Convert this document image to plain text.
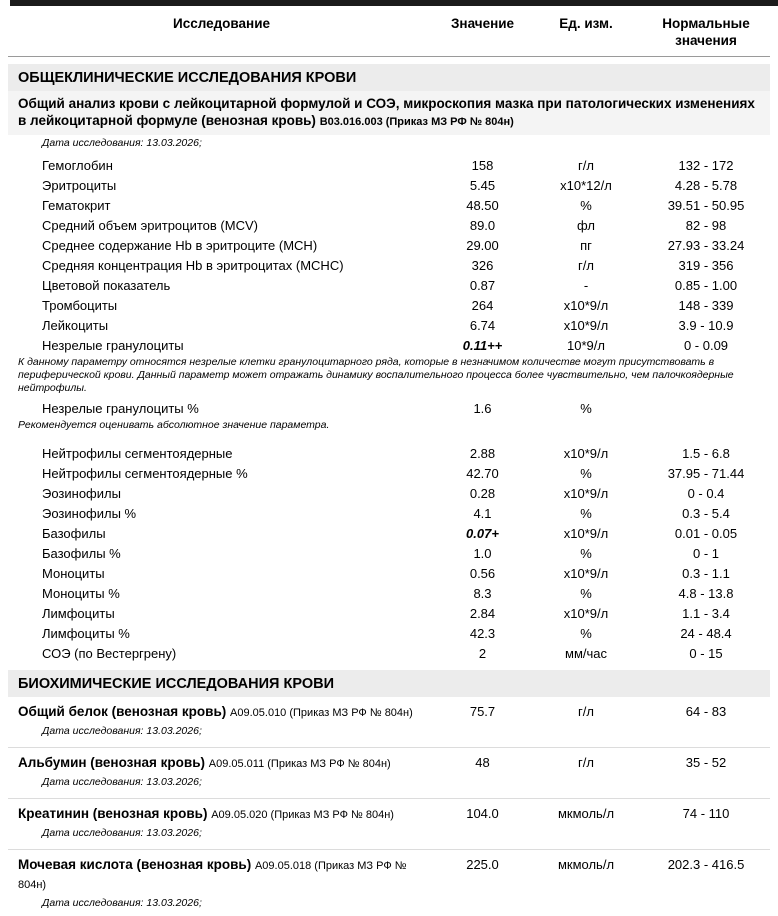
Исследование	Значение	Ед. изм.	Нормальные значения
ОБЩЕКЛИНИЧЕСКИЕ ИССЛЕДОВАНИЯ КРОВИ
Общий анализ крови с лейкоцитарной формулой и СОЭ, микроскопия мазка при патологических изменениях в лейкоцитарной формуле (венозная кровь) В03.016.003 (Приказ МЗ РФ № 804н)
Дата исследования: 13.03.2026;
Гемоглобин	158	г/л	132 - 172
Эритроциты	5.45	х10*12/л	4.28 - 5.78
Гематокрит	48.50	%	39.51 - 50.95
Средний объем эритроцитов (MCV)	89.0	фл	82 - 98
Среднее содержание Hb в эритроците (MCH)	29.00	пг	27.93 - 33.24
Средняя концентрация Hb в эритроцитах (MCHC)	326	г/л	319 - 356
Цветовой показатель	0.87	-	0.85 - 1.00
Тромбоциты	264	х10*9/л	148 - 339
Лейкоциты	6.74	х10*9/л	3.9 - 10.9
Незрелые гранулоциты	0.11++	10*9/л	0 - 0.09
К данному параметру относятся незрелые клетки гранулоцитарного ряда, которые в незначимом количестве могут присутствовать в периферической крови. Данный параметр может отражать динамику воспалительного процесса более чувствительно, чем палочкоядерные нейтрофилы.
Незрелые гранулоциты %	1.6	%
Рекомендуется оценивать абсолютное значение параметра.
Нейтрофилы сегментоядерные	2.88	х10*9/л	1.5 - 6.8
Нейтрофилы сегментоядерные %	42.70	%	37.95 - 71.44
Эозинофилы	0.28	х10*9/л	0 - 0.4
Эозинофилы %	4.1	%	0.3 - 5.4
Базофилы	0.07+	х10*9/л	0.01 - 0.05
Базофилы %	1.0	%	0 - 1
Моноциты	0.56	х10*9/л	0.3 - 1.1
Моноциты %	8.3	%	4.8 - 13.8
Лимфоциты	2.84	х10*9/л	1.1 - 3.4
Лимфоциты %	42.3	%	24 - 48.4
СОЭ (по Вестергрену)	2	мм/час	0 - 15
БИОХИМИЧЕСКИЕ ИССЛЕДОВАНИЯ КРОВИ
Общий белок (венозная кровь) А09.05.010 (Приказ МЗ РФ № 804н)	75.7	г/л	64 - 83
Дата исследования: 13.03.2026;
Альбумин (венозная кровь) А09.05.011 (Приказ МЗ РФ № 804н)	48	г/л	35 - 52
Дата исследования: 13.03.2026;
Креатинин (венозная кровь) А09.05.020 (Приказ МЗ РФ № 804н)	104.0	мкмоль/л	74 - 110
Дата исследования: 13.03.2026;
Мочевая кислота (венозная кровь) А09.05.018 (Приказ МЗ РФ № 804н)
225.0	мкмоль/л	202.3 - 416.5
Дата исследования: 13.03.2026;
